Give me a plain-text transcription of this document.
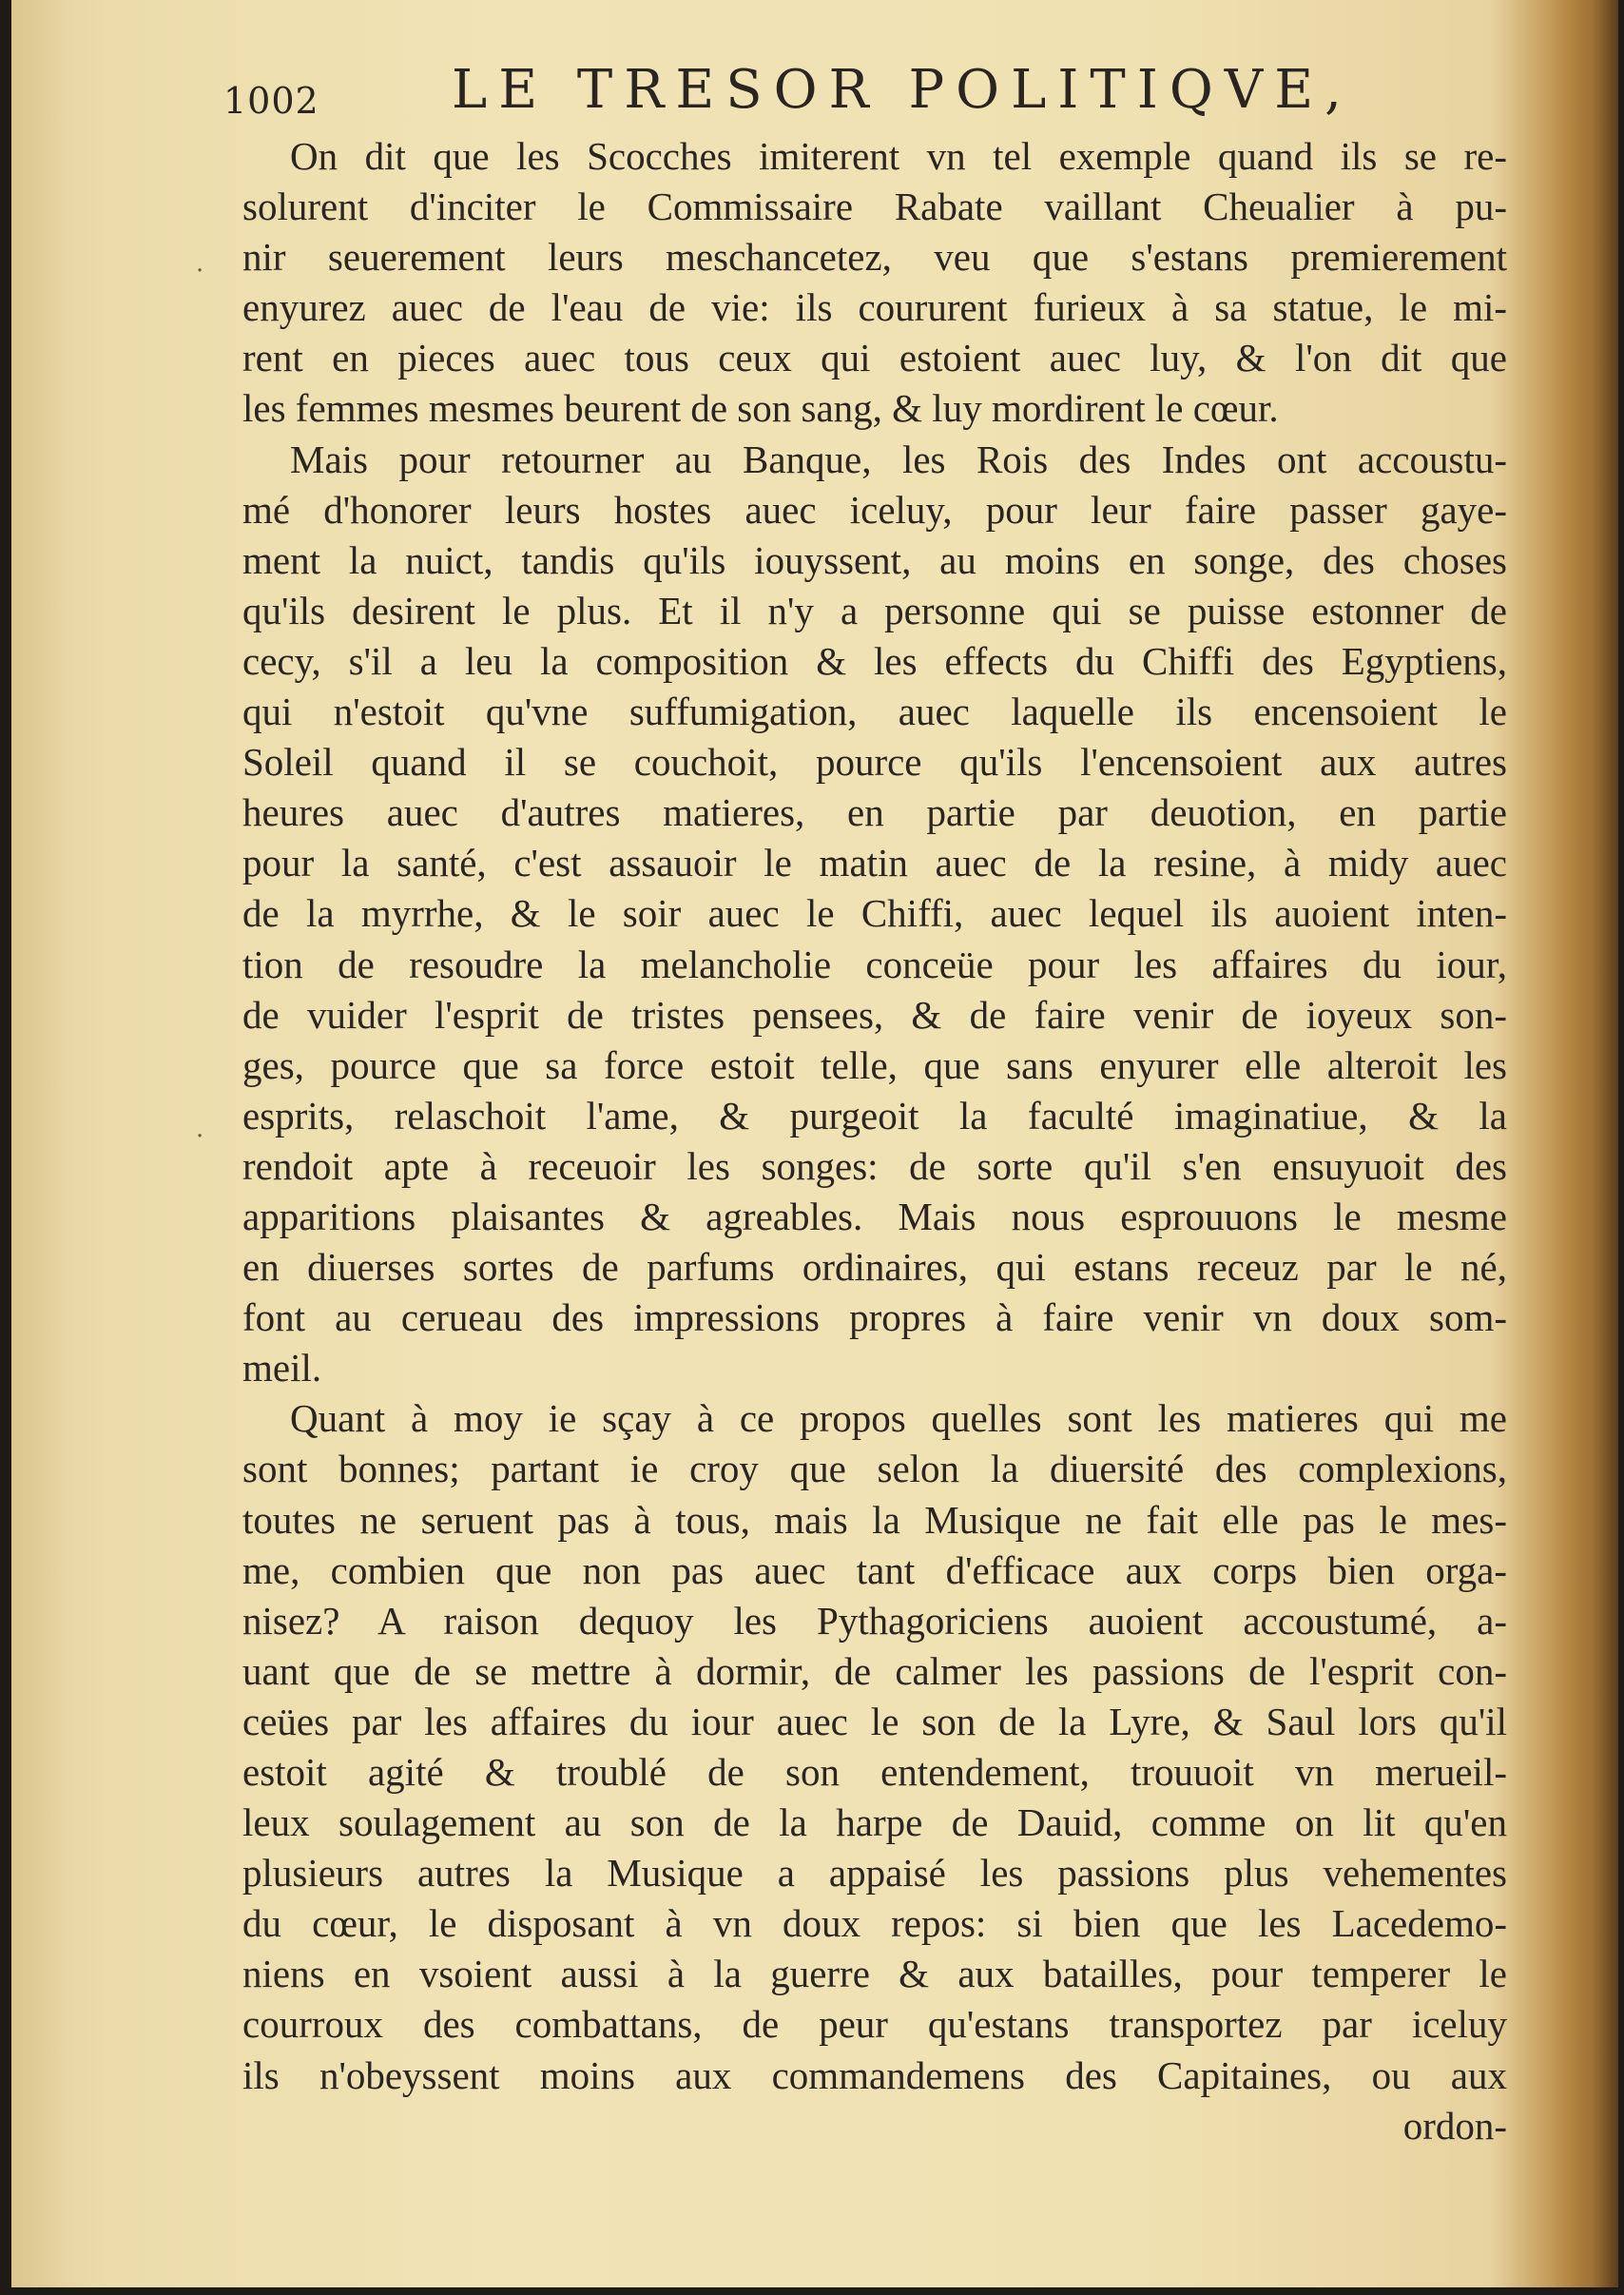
1002 LE TRESOR POLITIQVE,
·
·
On dit que les Scocches imiterent vn tel exemple quand ils se re-
solurent d'inciter le Commissaire Rabate vaillant Cheualier à pu-
nir seuerement leurs meschancetez, veu que s'estans premierement
enyurez auec de l'eau de vie: ils coururent furieux à sa statue, le mi-
rent en pieces auec tous ceux qui estoient auec luy, & l'on dit que
les femmes mesmes beurent de son sang, & luy mordirent le cœur.
Mais pour retourner au Banque, les Rois des Indes ont accoustu-
mé d'honorer leurs hostes auec iceluy, pour leur faire passer gaye-
ment la nuict, tandis qu'ils iouyssent, au moins en songe, des choses
qu'ils desirent le plus. Et il n'y a personne qui se puisse estonner de
cecy, s'il a leu la composition & les effects du Chiffi des Egyptiens,
qui n'estoit qu'vne suffumigation, auec laquelle ils encensoient le
Soleil quand il se couchoit, pource qu'ils l'encensoient aux autres
heures auec d'autres matieres, en partie par deuotion, en partie
pour la santé, c'est assauoir le matin auec de la resine, à midy auec
de la myrrhe, & le soir auec le Chiffi, auec lequel ils auoient inten-
tion de resoudre la melancholie conceüe pour les affaires du iour,
de vuider l'esprit de tristes pensees, & de faire venir de ioyeux son-
ges, pource que sa force estoit telle, que sans enyurer elle alteroit les
esprits, relaschoit l'ame, & purgeoit la faculté imaginatiue, & la
rendoit apte à receuoir les songes: de sorte qu'il s'en ensuyuoit des
apparitions plaisantes & agreables. Mais nous esprouuons le mesme
en diuerses sortes de parfums ordinaires, qui estans receuz par le né,
font au cerueau des impressions propres à faire venir vn doux som-
meil.
Quant à moy ie sçay à ce propos quelles sont les matieres qui me
sont bonnes; partant ie croy que selon la diuersité des complexions,
toutes ne seruent pas à tous, mais la Musique ne fait elle pas le mes-
me, combien que non pas auec tant d'efficace aux corps bien orga-
nisez? A raison dequoy les Pythagoriciens auoient accoustumé, a-
uant que de se mettre à dormir, de calmer les passions de l'esprit con-
ceües par les affaires du iour auec le son de la Lyre, & Saul lors qu'il
estoit agité & troublé de son entendement, trouuoit vn merueil-
leux soulagement au son de la harpe de Dauid, comme on lit qu'en
plusieurs autres la Musique a appaisé les passions plus vehementes
du cœur, le disposant à vn doux repos: si bien que les Lacedemo-
niens en vsoient aussi à la guerre & aux batailles, pour temperer le
courroux des combattans, de peur qu'estans transportez par iceluy
ils n'obeyssent moins aux commandemens des Capitaines, ou aux
ordon-
